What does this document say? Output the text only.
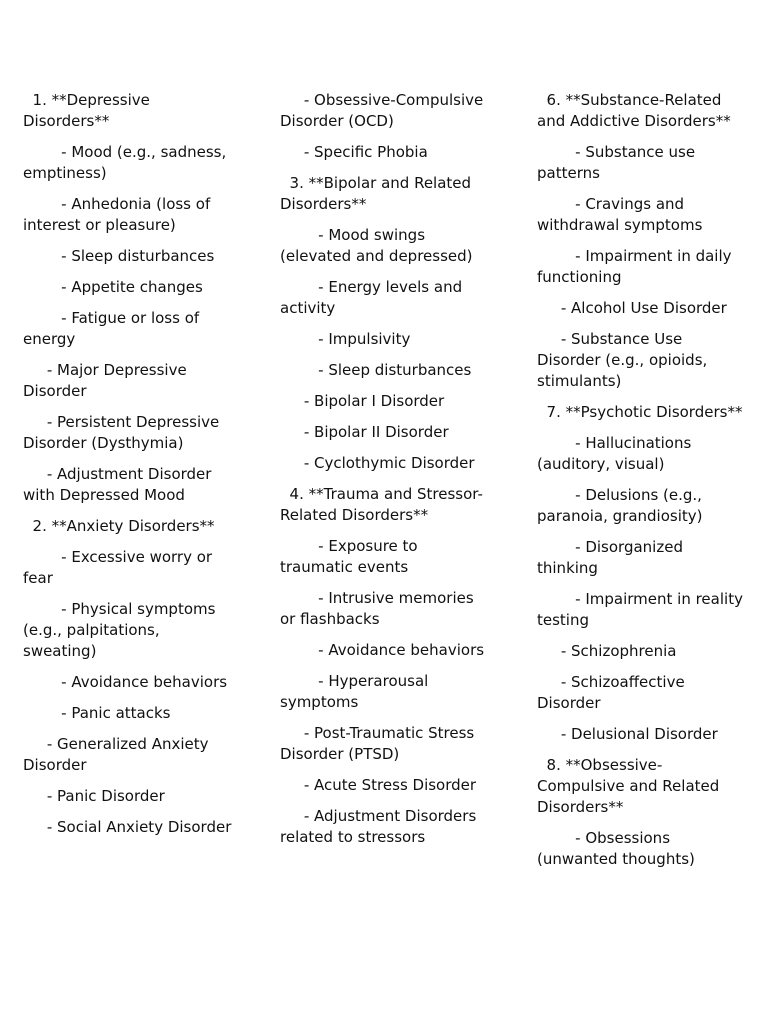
1. **Depressive Disorders**

- Mood (e.g., sadness, emptiness)

- Anhedonia (loss of interest or pleasure)

- Sleep disturbances

- Appetite changes

- Fatigue or loss of energy

- Major Depressive Disorder

- Persistent Depressive Disorder (Dysthymia)

- Adjustment Disorder with Depressed Mood

2. **Anxiety Disorders**

- Excessive worry or fear

- Physical symptoms (e.g., palpitations, sweating)

- Avoidance behaviors

- Panic attacks

- Generalized Anxiety Disorder

- Panic Disorder

- Social Anxiety Disorder

- Obsessive-Compulsive Disorder (OCD)

- Specific Phobia

3. **Bipolar and Related Disorders**

- Mood swings (elevated and depressed)

- Energy levels and activity

- Impulsivity

- Sleep disturbances

- Bipolar I Disorder

- Bipolar II Disorder

- Cyclothymic Disorder

4. **Trauma and Stressor-Related Disorders**

- Exposure to traumatic events

- Intrusive memories or flashbacks

- Avoidance behaviors

- Hyperarousal symptoms

- Post-Traumatic Stress Disorder (PTSD)

- Acute Stress Disorder

- Adjustment Disorders related to stressors

6. **Substance-Related and Addictive Disorders**

- Substance use patterns

- Cravings and withdrawal symptoms

- Impairment in daily functioning

- Alcohol Use Disorder

- Substance Use Disorder (e.g., opioids, stimulants)

7. **Psychotic Disorders**

- Hallucinations (auditory, visual)

- Delusions (e.g., paranoia, grandiosity)

- Disorganized thinking

- Impairment in reality testing

- Schizophrenia

- Schizoaffective Disorder

- Delusional Disorder

8. **Obsessive-Compulsive and Related Disorders**

- Obsessions (unwanted thoughts)
